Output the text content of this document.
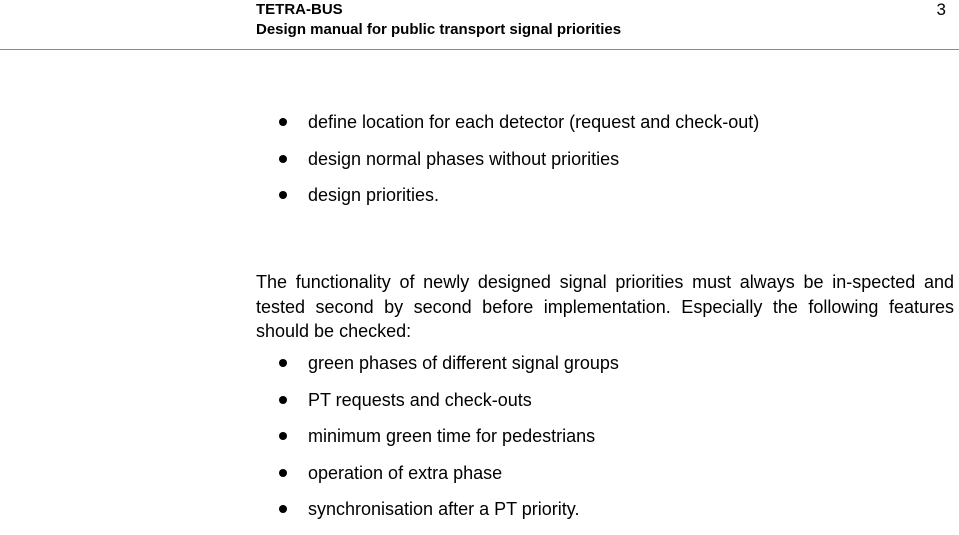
TETRA-BUS
Design manual for public transport signal priorities
3
define location for each detector (request and check-out)
design normal phases without priorities
design priorities.

The functionality of newly designed signal priorities must always be in-spected and tested second by second before implementation. Especially the following features should be checked:

green phases of different signal groups
PT requests and check-outs
minimum green time for pedestrians
operation of extra phase
synchronisation after a PT priority.
